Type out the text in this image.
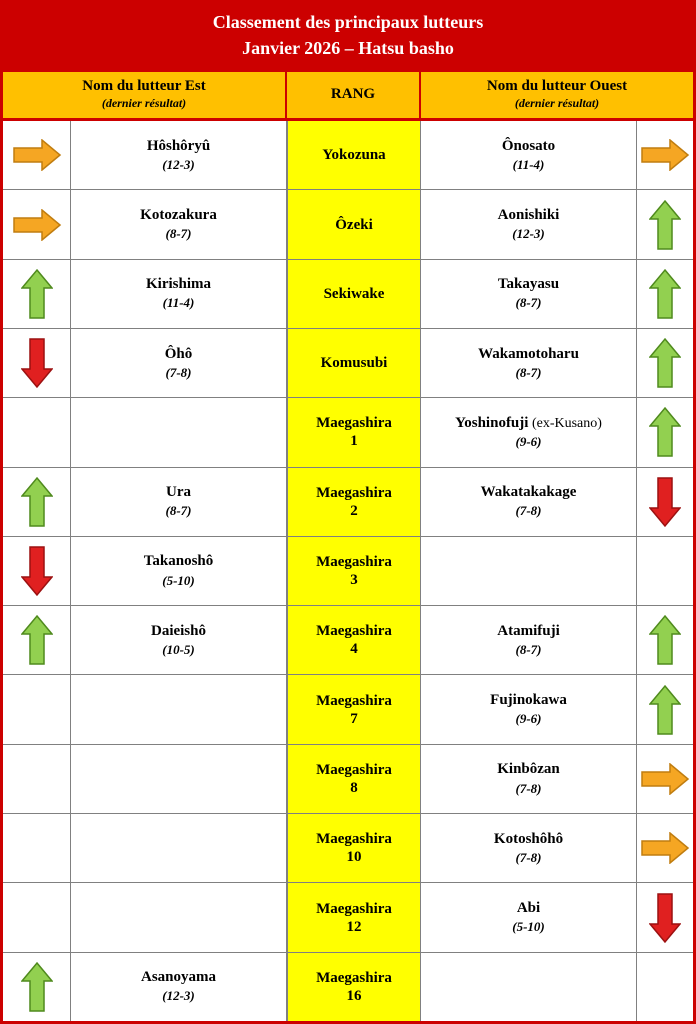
Classement des principaux lutteurs
Janvier 2026 – Hatsu basho
Nom du lutteur Est
(dernier résultat)
RANG	Nom du lutteur Ouest
(dernier résultat)
Hôshôryû
(12-3)
Yokozuna
Ônosato
(11-4)
Kotozakura
(8-7)
Ôzeki
Aonishiki
(12-3)
Kirishima
(11-4)
Sekiwake
Takayasu
(8-7)
Ôhô
(7-8)
Komusubi
Wakamotoharu
(8-7)
Maegashira
1
Yoshinofuji (ex-Kusano)
(9-6)
Ura
(8-7)
Maegashira
2
Wakatakakage
(7-8)
Takanoshô
(5-10)
Maegashira
3
Daieishô
(10-5)
Maegashira
4
Atamifuji
(8-7)
Maegashira
7
Fujinokawa
(9-6)
Maegashira
8
Kinbôzan
(7-8)
Maegashira
10
Kotoshôhô
(7-8)
Maegashira
12
Abi
(5-10)
Asanoyama
(12-3)
Maegashira
16
